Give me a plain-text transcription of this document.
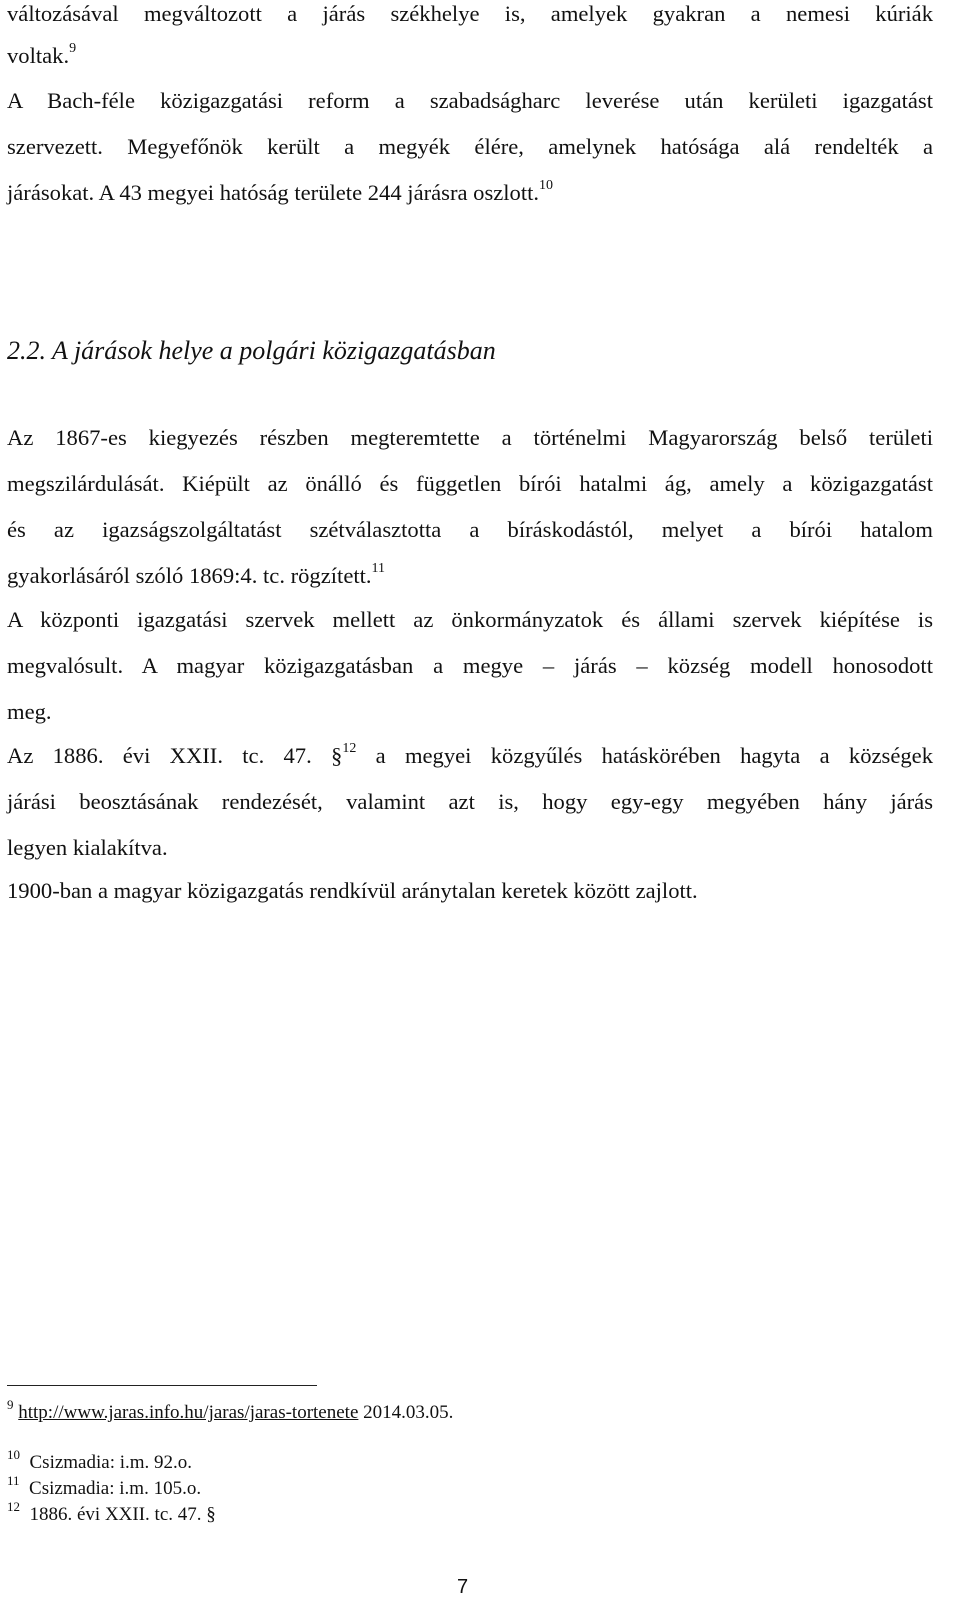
változásával megváltozott a járás székhelye is, amelyek gyakran a nemesi kúriák
voltak.$^9$
A Bach-féle közigazgatási reform a szabadságharc leverése után kerületi igazgatást
szervezett. Megyefőnök került a megyék élére, amelynek hatósága alá rendelték a
járásokat. A 43 megyei hatóság területe 244 járásra oszlott.$^{10}$
2.2. A járások helye a polgári közigazgatásban
Az 1867-es kiegyezés részben megteremtette a történelmi Magyarország belső területi
megszilárdulását. Kiépült az önálló és független bírói hatalmi ág, amely a közigazgatást
és az igazságszolgáltatást szétválasztotta a bíráskodástól, melyet a bírói hatalom
gyakorlásáról szóló 1869:4. tc. rögzített.$^{11}$
A központi igazgatási szervek mellett az önkormányzatok és állami szervek kiépítése is
megvalósult. A magyar közigazgatásban a megye – járás – község modell honosodott
meg.
Az 1886. évi XXII. tc. 47. §$^{12}$ a megyei közgyűlés hatáskörében hagyta a községek
járási beosztásának rendezését, valamint azt is, hogy egy-egy megyében hány járás
legyen kialakítva.
1900-ban a magyar közigazgatás rendkívül aránytalan keretek között zajlott.
$^9$ http://www.jaras.info.hu/jaras/jaras-tortenete 2014.03.05.
$^{10}$ Csizmadia: i.m. 92.o.
$^{11}$ Csizmadia: i.m. 105.o.
$^{12}$ 1886. évi XXII. tc. 47. §
7
